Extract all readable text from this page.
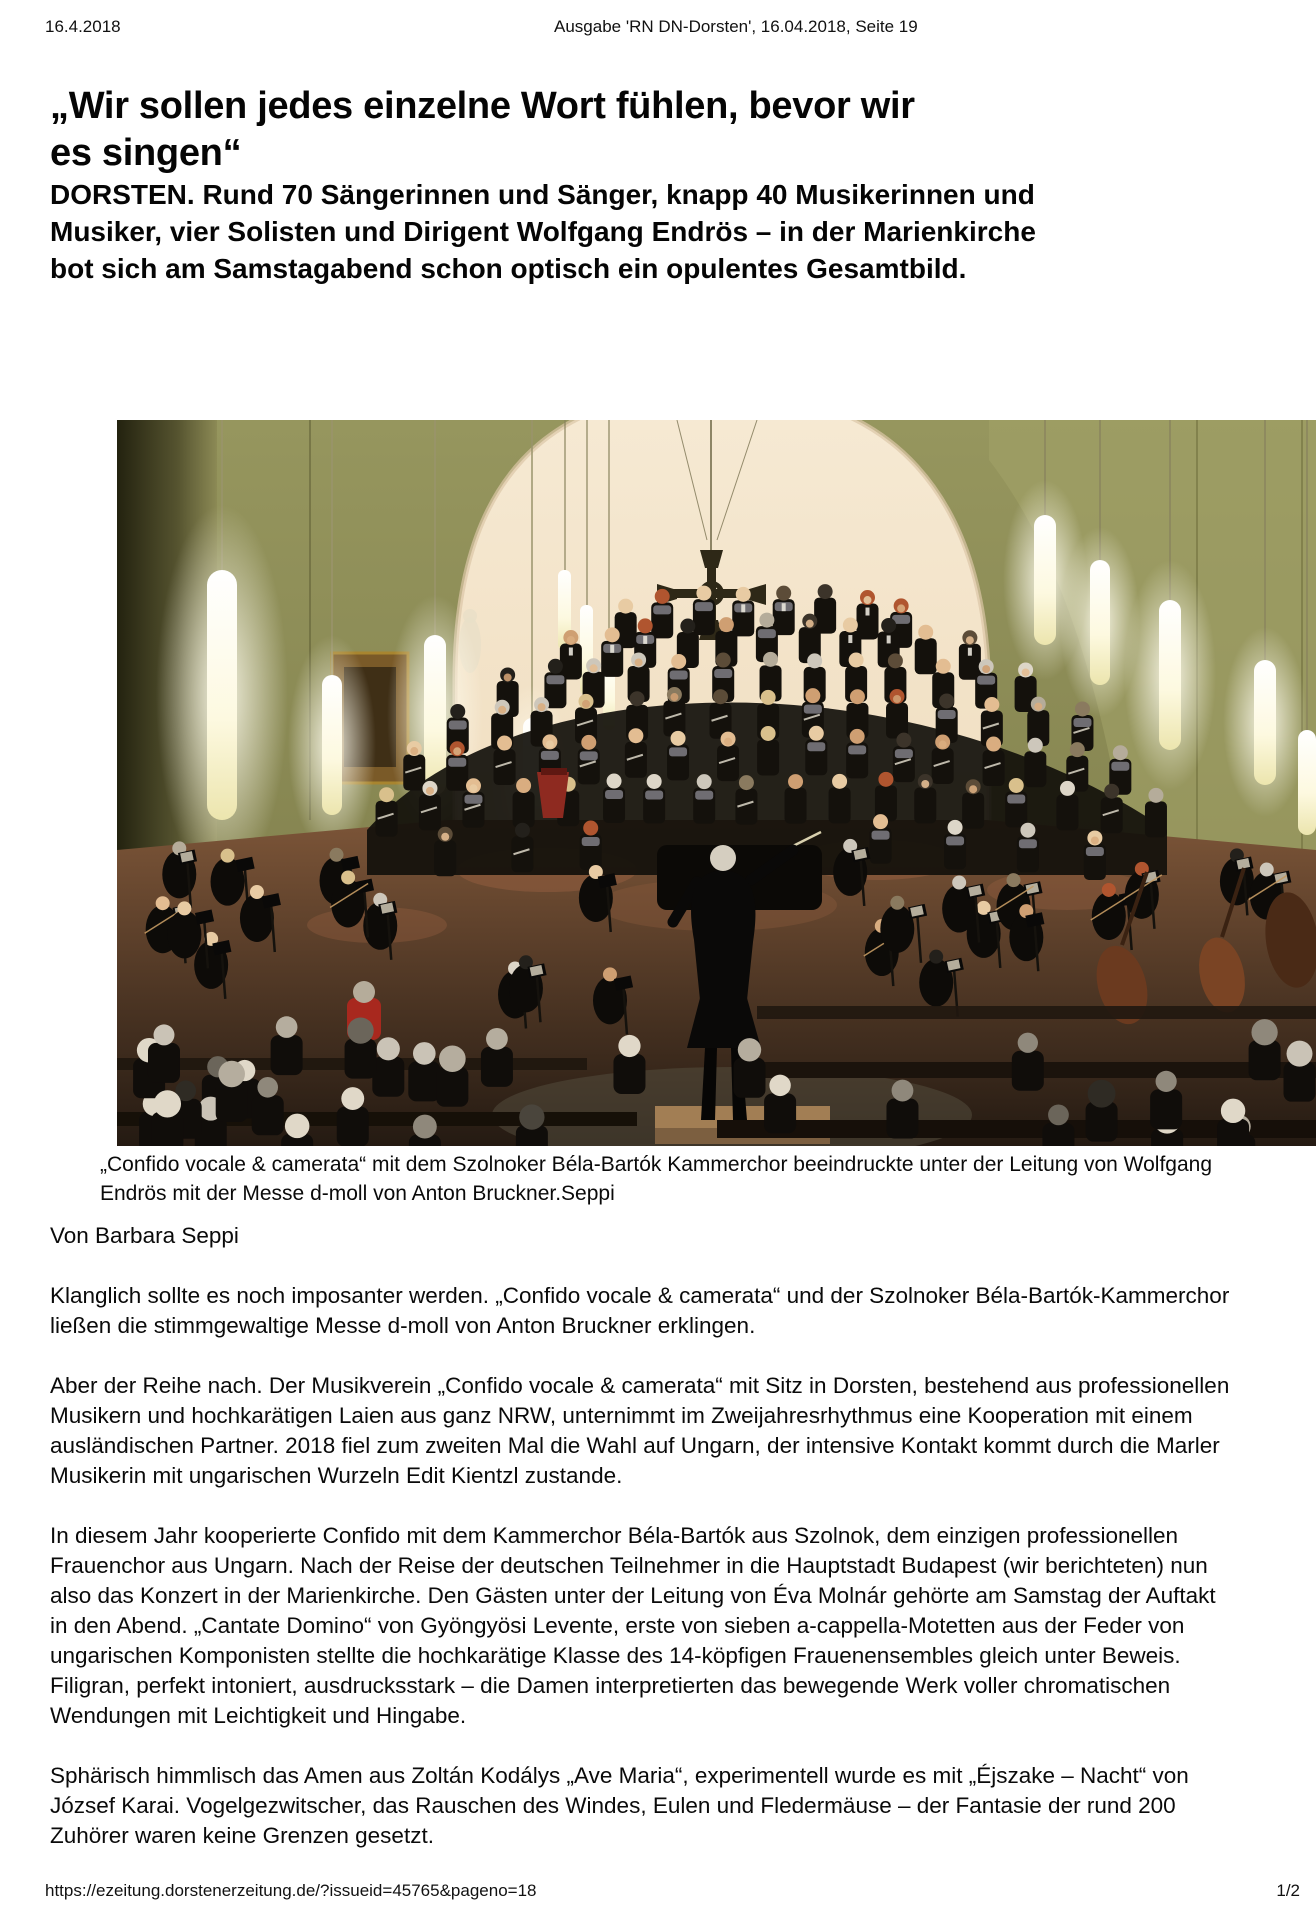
16.4.2018	Ausgabe 'RN DN-Dorsten', 16.04.2018, Seite 19
„Wir sollen jedes einzelne Wort fühlen, bevor wir
es singen“
DORSTEN. Rund 70 Sängerinnen und Sänger, knapp 40 Musikerinnen und Musiker, vier Solisten und Dirigent Wolfgang Endrös – in der Marienkirche bot sich am Samstagabend schon optisch ein opulentes Gesamtbild.
„Confido vocale & camerata“ mit dem Szolnoker Béla-Bartók Kammerchor beeindruckte unter der Leitung von Wolfgang Endrös mit der Messe d-moll von Anton Bruckner.Seppi

Von Barbara Seppi

Klanglich sollte es noch imposanter werden. „Confido vocale & camerata“ und der Szolnoker Béla-Bartók-Kammerchor ließen die stimmgewaltige Messe d-moll von Anton Bruckner erklingen.

Aber der Reihe nach. Der Musikverein „Confido vocale & camerata“ mit Sitz in Dorsten, bestehend aus professionellen Musikern und hochkarätigen Laien aus ganz NRW, unternimmt im Zweijahresrhythmus eine Kooperation mit einem ausländischen Partner. 2018 fiel zum zweiten Mal die Wahl auf Ungarn, der intensive Kontakt kommt durch die Marler Musikerin mit ungarischen Wurzeln Edit Kientzl zustande.

In diesem Jahr kooperierte Confido mit dem Kammerchor Béla-Bartók aus Szolnok, dem einzigen professionellen Frauenchor aus Ungarn. Nach der Reise der deutschen Teilnehmer in die Hauptstadt Budapest (wir berichteten) nun also das Konzert in der Marienkirche. Den Gästen unter der Leitung von Éva Molnár gehörte am Samstag der Auftakt in den Abend. „Cantate Domino“ von Gyöngyösi Levente, erste von sieben a-cappella-Motetten aus der Feder von ungarischen Komponisten stellte die hochkarätige Klasse des 14-köpfigen Frauenensembles gleich unter Beweis. Filigran, perfekt intoniert, ausdrucksstark – die Damen interpretierten das bewegende Werk voller chromatischen Wendungen mit Leichtigkeit und Hingabe.

Sphärisch himmlisch das Amen aus Zoltán Kodálys „Ave Maria“, experimentell wurde es mit „Éjszake – Nacht“ von József Karai. Vogelgezwitscher, das Rauschen des Windes, Eulen und Fledermäuse – der Fantasie der rund 200 Zuhörer waren keine Grenzen gesetzt.

https://ezeitung.dorstenerzeitung.de/?issueid=45765&pageno=18	1/2
